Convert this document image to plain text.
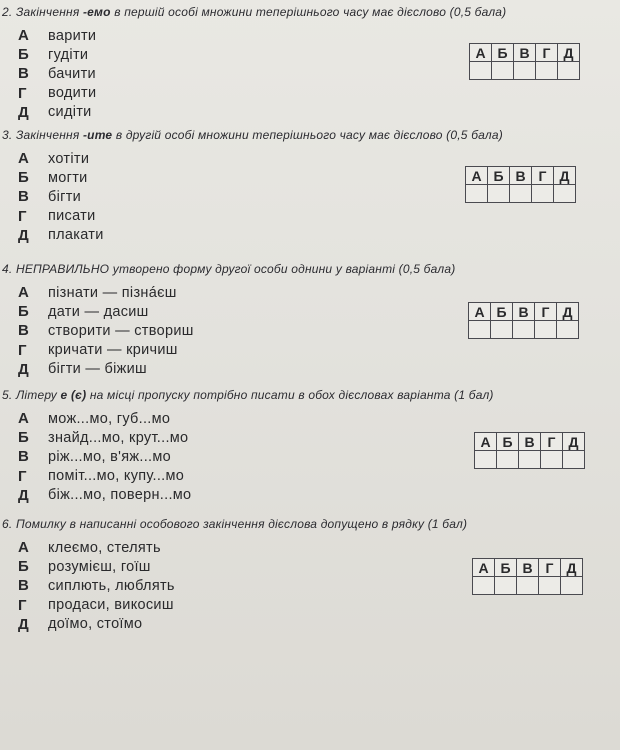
2. Закінчення -емо в першій особі множини теперішнього часу має дієслово (0,5 бала)
А	варити
Б	гудіти
В	бачити
Г	водити
Д	сидіти
А	Б	В	Г	Д

3. Закінчення -ите в другій особі множини теперішнього часу має дієслово (0,5 бала)
А	хотіти
Б	могти
В	бігти
Г	писати
Д	плакати
А	Б	В	Г	Д

4. НЕПРАВИЛЬНО утворено форму другої особи однини у варіанті (0,5 бала)
А	пізнати — пізнáєш
Б	дати — дасиш
В	створити — створиш
Г	кричати — кричиш
Д	бігти — біжиш
А	Б	В	Г	Д

5. Літеру е (є) на місці пропуску потрібно писати в обох дієсловах варіанта (1 бал)
А	мож...мо, губ...мо
Б	знайд...мо, крут...мо
В	ріж...мо, в'яж...мо
Г	поміт...мо, купу...мо
Д	біж...мо, поверн...мо
А	Б	В	Г	Д

6. Помилку в написанні особового закінчення дієслова допущено в рядку (1 бал)
А	клеємо, стелять
Б	розумієш, гоїш
В	сиплють, люблять
Г	продаси, викосиш
Д	доїмо, стоїмо
А	Б	В	Г	Д
